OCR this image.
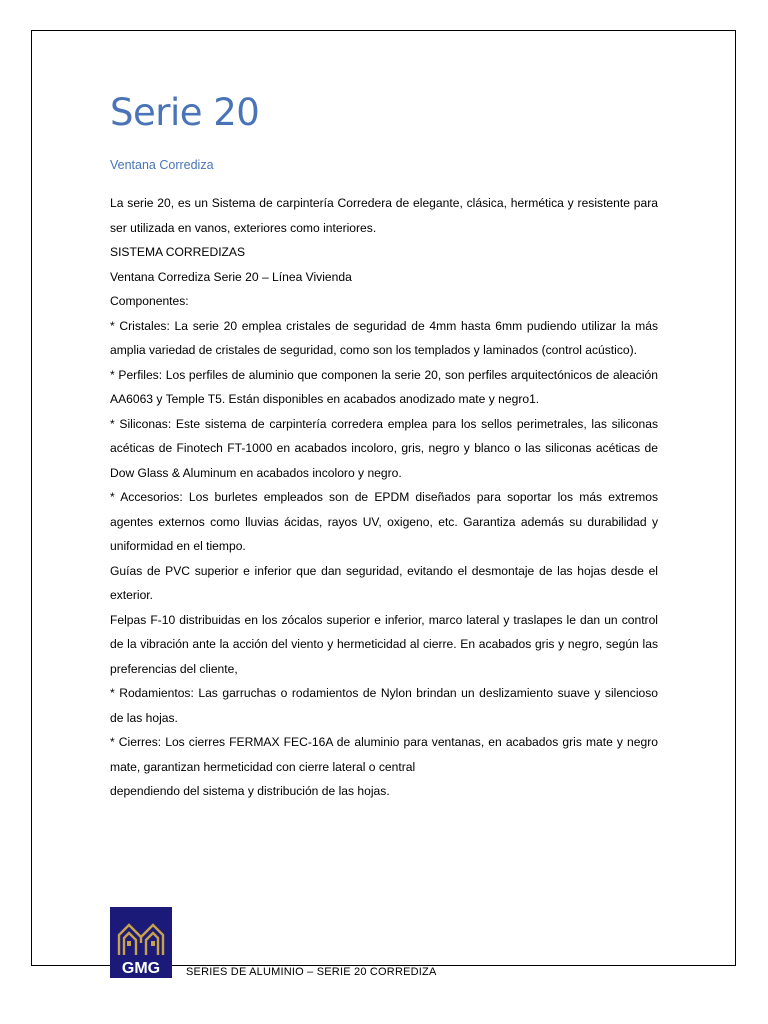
Serie 20
Ventana Corrediza

La serie 20, es un Sistema de carpintería Corredera de elegante, clásica, hermética y resistente para ser utilizada en vanos, exteriores como interiores.

SISTEMA CORREDIZAS

Ventana Corrediza Serie 20 – Línea Vivienda

Componentes:

* Cristales: La serie 20 emplea cristales de seguridad de 4mm hasta 6mm pudiendo utilizar la más amplia variedad de cristales de seguridad, como son los templados y laminados (control acústico).

* Perfiles: Los perfiles de aluminio que componen la serie 20, son perfiles arquitectónicos de aleación AA6063 y Temple T5. Están disponibles en acabados anodizado mate y negro1.

* Siliconas: Este sistema de carpintería corredera emplea para los sellos perimetrales, las siliconas acéticas de Finotech FT-1000 en acabados incoloro, gris, negro y blanco o las siliconas acéticas de Dow Glass & Aluminum en acabados incoloro y negro.

* Accesorios: Los burletes empleados son de EPDM diseñados para soportar los más extremos agentes externos como lluvias ácidas, rayos UV, oxigeno, etc. Garantiza además su durabilidad y uniformidad en el tiempo.

Guías de PVC superior e inferior que dan seguridad, evitando el desmontaje de las hojas desde el exterior.

Felpas F-10 distribuidas en los zócalos superior e inferior, marco lateral y traslapes le dan un control de la vibración ante la acción del viento y hermeticidad al cierre. En acabados gris y negro, según las preferencias del cliente,

* Rodamientos: Las garruchas o rodamientos de Nylon brindan un deslizamiento suave y silencioso de las hojas.

* Cierres: Los cierres FERMAX FEC-16A de aluminio para ventanas, en acabados gris mate y negro mate, garantizan hermeticidad con cierre lateral o central

dependiendo del sistema y distribución de las hojas.

GMG SERIES DE ALUMINIO – SERIE 20 CORREDIZA
